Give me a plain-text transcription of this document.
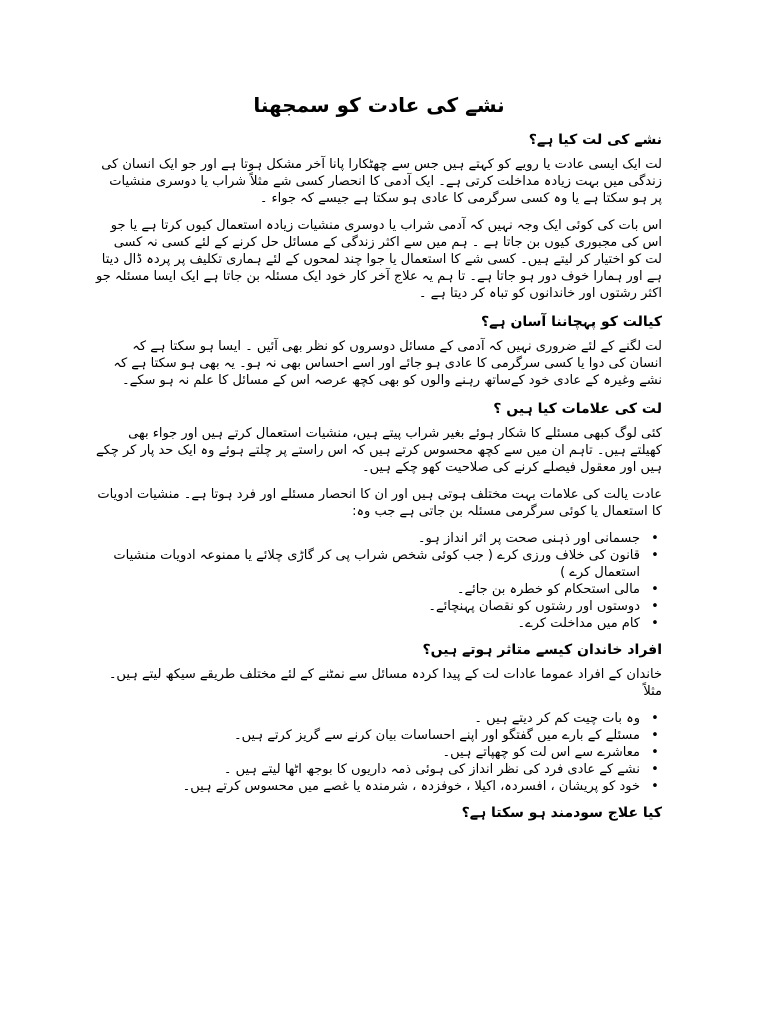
نشے کی عادت کو سمجھنا
نشے کی لت کیا ہے؟

لت ایک ایسی عادت یا رویے کو کہتے ہیں جس سے چھٹکارا پانا آخر مشکل ہوتا ہے اور جو ایک انسان کی زندگی میں بہت زیادہ مداخلت کرتی ہے۔ ایک آدمی کا انحصار کسی شے مثلاً شراب یا دوسری منشیات پر ہو سکتا ہے یا وہ کسی سرگرمی کا عادی ہو سکتا ہے جیسے کہ جواء ۔

اس بات کی کوئی ایک وجہ نہیں کہ آدمی شراب یا دوسری منشیات زیادہ استعمال کیوں کرتا ہے یا جو اس کی مجبوری کیوں بن جاتا ہے ۔ ہم میں سے اکثر زندگی کے مسائل حل کرنے کے لئے کسی نہ کسی لت کو اختیار کر لیتے ہیں۔ کسی شے کا استعمال یا جوا چند لمحوں کے لئے ہماری تکلیف پر پردہ ڈال دیتا ہے اور ہمارا خوف دور ہو جاتا ہے۔ تا ہم یہ علاج آخر کار خود ایک مسئلہ بن جاتا ہے ایک ایسا مسئلہ جو اکثر رشتوں اور خاندانوں کو تباہ کر دیتا ہے ۔

کیالت کو پہچاننا آسان ہے؟

لت لگنے کے لئے ضروری نہیں کہ آدمی کے مسائل دوسروں کو نظر بھی آئیں ۔ ایسا ہو سکتا ہے کہ انسان کی دوا یا کسی سرگرمی کا عادی ہو جائے اور اسے احساس بھی نہ ہو۔ یہ بھی ہو سکتا ہے کہ نشے وغیرہ کے عادی خود کےساتھ رہنے والوں کو بھی کچھ عرصہ اس کے مسائل کا علم نہ ہو سکے۔

لت کی علامات کیا ہیں ؟

کئی لوگ کبھی مسئلے کا شکار ہوئے بغیر شراب پیتے ہیں، منشیات استعمال کرتے ہیں اور جواء بھی کھیلتے ہیں۔ تاہم ان میں سے کچھ محسوس کرتے ہیں کہ اس راستے پر چلتے ہوئے وہ ایک حد پار کر چکے ہیں اور معقول فیصلے کرنے کی صلاحیت کھو چکے ہیں۔

عادت یالت کی علامات بہت مختلف ہوتی ہیں اور ان کا انحصار مسئلے اور فرد ہوتا ہے۔ منشیات ادویات کا استعمال یا کوئی سرگرمی مسئلہ بن جاتی ہے جب وہ:

•
جسمانی اور ذہنی صحت پر اثر انداز ہو۔
•
قانون کی خلاف ورزی کرے ( جب کوئی شخص شراب پی کر گاڑی چلائے یا ممنوعہ ادویات منشیات استعمال کرے )
•
مالی استحکام کو خطرہ بن جائے۔
•
دوستوں اور رشتوں کو نقصان پہنچائے۔
•
کام میں مداخلت کرے۔
افراد خاندان کیسے متاثر ہوتے ہیں؟

خاندان کے افراد عموما عادات لت کے پیدا کردہ مسائل سے نمٹنے کے لئے مختلف طریقے سیکھ لیتے ہیں۔ مثلاً

•
وہ بات چیت کم کر دیتے ہیں ۔
•
مسئلے کے بارے میں گفتگو اور اپنے احساسات بیان کرنے سے گریز کرتے ہیں۔
•
معاشرے سے اس لت کو چھپاتے ہیں۔
•
نشے کے عادی فرد کی نظر انداز کی ہوئی ذمہ داریوں کا بوجھ اٹھا لیتے ہیں ۔
•
خود کو پریشان ، افسردہ، اکیلا ، خوفزدہ ، شرمندہ یا غصے میں محسوس کرتے ہیں۔
کیا علاج سودمند ہو سکتا ہے؟
